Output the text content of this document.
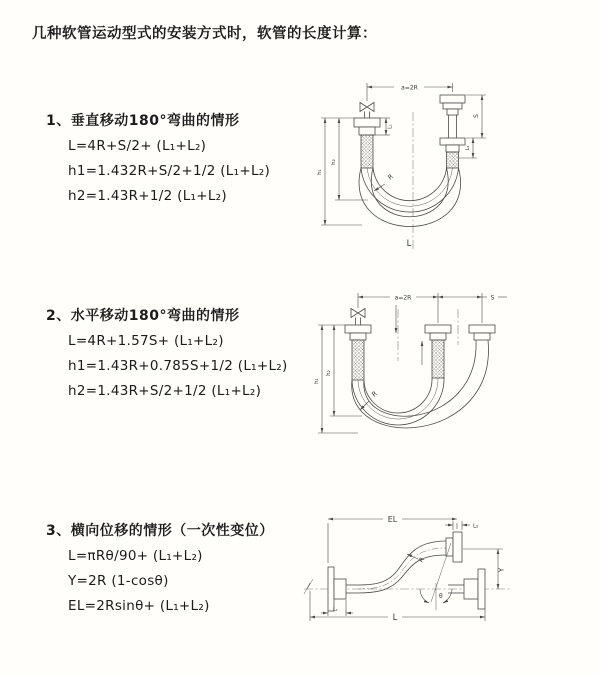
几种软管运动型式的安装方式时，软管的长度计算：
1、垂直移动180°弯曲的情形
L=4R+S/2+ (L₁+L₂)
h1=1.432R+S/2+1/2 (L₁+L₂)
h2=1.43R+1/2 (L₁+L₂)
2、水平移动180°弯曲的情形
L=4R+1.57S+ (L₁+L₂)
h1=1.43R+0.785S+1/2 (L₁+L₂)
h2=1.43R+S/2+1/2 (L₁+L₂)
3、横向位移的情形（一次性变位）
L=πRθ/90+ (L₁+L₂)
Y=2R (1-cosθ)
EL=2Rsinθ+ (L₁+L₂)
a=2R
h₁
h₂
L₁
S
L₂
R
L
a=2R	S
h₁
h₂
R
θ
R
EL
L₂
Y
L₁
L
